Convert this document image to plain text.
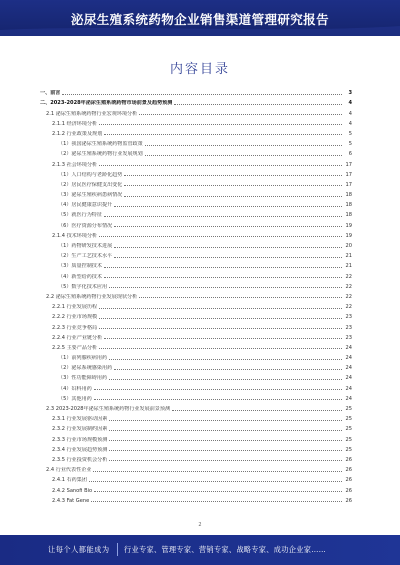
泌尿生殖系统药物企业销售渠道管理研究报告
内容目录
一、前言	3
二、2023-2028年泌尿生殖系统药物市场前景及趋势预测	4
2.1 泌尿生殖系统药物行业宏观环境分析	4
2.1.1 经济环境分析	4
2.1.2 行业政策及规划	5
（1）我国泌尿生殖系统药物监管政策	5
（2）泌尿生殖系统药物行业发展规划	6
2.1.3 社会环境分析	17
（1）人口结构与老龄化趋势	17
（2）居民医疗保健支出变化	17
（3）泌尿生殖疾病患病情况	18
（4）居民健康意识提升	18
（5）就医行为特征	18
（6）医疗资源分布情况	19
2.1.4 技术环境分析	19
（1）药物研发技术进展	20
（2）生产工艺技术水平	21
（3）质量控制技术	21
（4）新型给药技术	22
（5）数字化技术应用	22
2.2 泌尿生殖系统药物行业发展现状分析	22
2.2.1 行业发展历程	22
2.2.2 行业市场规模	23
2.2.3 行业竞争格局	23
2.2.4 行业产业链分析	23
2.2.5 主要产品分析	24
（1）前列腺疾病用药	24
（2）泌尿系统感染用药	24
（3）性功能障碍用药	24
（4）妇科用药	24
（5）其他用药	24
2.3 2023-2028年泌尿生殖系统药物行业发展前景预测	25
2.3.1 行业发展驱动因素	25
2.3.2 行业发展制约因素	25
2.3.3 行业市场规模预测	25
2.3.4 行业发展趋势预测	25
2.3.5 行业投资机会分析	26
2.4 行业代表性企业	26
2.4.1 石药集团	26
2.4.2 Sanofi Bio	26
2.4.3 Fat Gene	26
2
让每个人都能成为 行业专家、管理专家、营销专家、战略专家、成功企业家……
